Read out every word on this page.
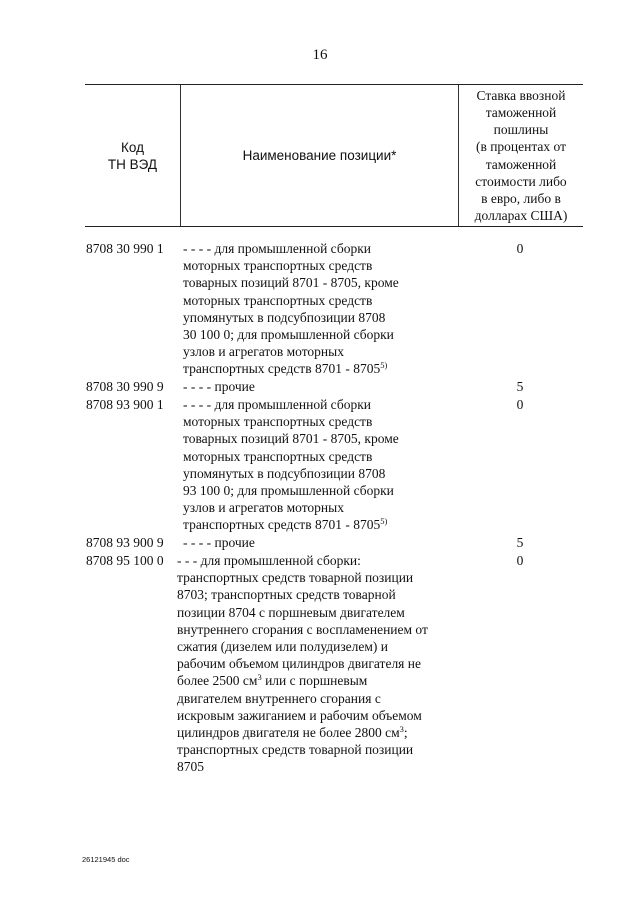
16
Код
ТН ВЭД
Наименование позиции*
Ставка ввозной
таможенной
пошлины
(в процентах от
таможенной
стоимости либо
в евро, либо в
долларах США)
8708 30 990 1 - - - - для промышленной сборки
моторных транспортных средств
товарных позиций 8701 - 8705, кроме
моторных транспортных средств
упомянутых в подсубпозиции 8708
30 100 0; для промышленной сборки
узлов и агрегатов моторных
транспортных средств 8701 - 8705$^{5)}$
0
8708 30 990 9 - - - - прочие	5
8708 93 900 1 - - - - для промышленной сборки
моторных транспортных средств
товарных позиций 8701 - 8705, кроме
моторных транспортных средств
упомянутых в подсубпозиции 8708
93 100 0; для промышленной сборки
узлов и агрегатов моторных
транспортных средств 8701 - 8705$^{5)}$
0
8708 93 900 9 - - - - прочие	5
8708 95 100 0 - - - для промышленной сборки:
транспортных средств товарной позиции
8703; транспортных средств товарной
позиции 8704 с поршневым двигателем
внутреннего сгорания с воспламенением от
сжатия (дизелем или полудизелем) и
рабочим объемом цилиндров двигателя не
более 2500 $см^3$ или с поршневым
двигателем внутреннего сгорания с
искровым зажиганием и рабочим объемом
цилиндров двигателя не более 2800 $см^3$;
транспортных средств товарной позиции
8705
0
26121945 doc
